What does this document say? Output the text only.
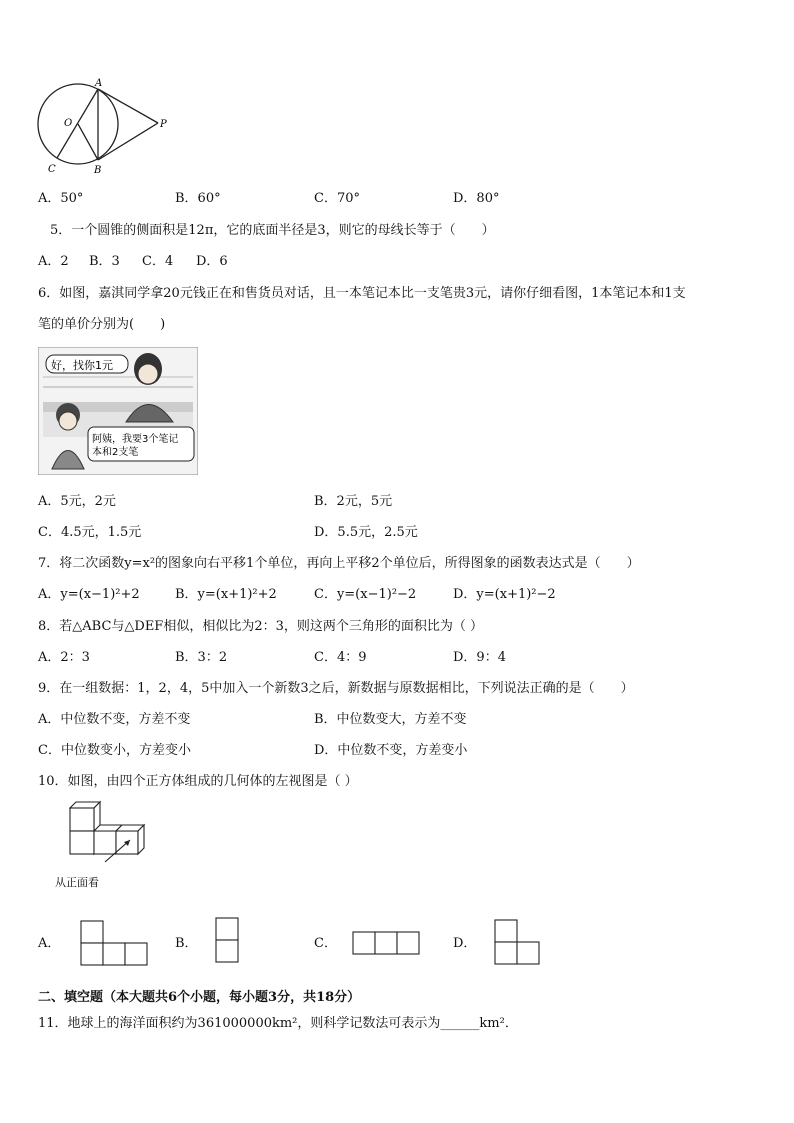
A
O	P
C	B
A．50°	B．60°	C．70°	D．80°
5．一个圆锥的侧面积是12π，它的底面半径是3，则它的母线长等于（　　）
A．2 B．3 C．4 D．6
6．如图，嘉淇同学拿20元钱正在和售货员对话，且一本笔记本比一支笔贵3元，请你仔细看图，1本笔记本和1支
笔的单价分别为(　　)
好，找你1元
阿姨，我要3个笔记
本和2支笔
A．5元，2元	B．2元，5元
C．4.5元，1.5元	D．5.5元，2.5元
7．将二次函数y=x²的图象向右平移1个单位，再向上平移2个单位后，所得图象的函数表达式是（　　）
A．y=(x−1)²+2	B．y=(x+1)²+2	C．y=(x−1)²−2	D．y=(x+1)²−2
8．若△ABC与△DEF相似，相似比为2：3，则这两个三角形的面积比为（ ）
A．2：3	B．3：2	C．4：9	D．9：4
9．在一组数据：1，2，4，5中加入一个新数3之后，新数据与原数据相比，下列说法正确的是（　　）
A．中位数不变，方差不变	B．中位数变大，方差不变
C．中位数变小，方差变小	D．中位数不变，方差变小
10．如图，由四个正方体组成的几何体的左视图是（ ）
从正面看
A．	B．	C．	D．
二、填空题（本大题共6个小题，每小题3分，共18分）
11．地球上的海洋面积约为361000000km²，则科学记数法可表示为______km²．
